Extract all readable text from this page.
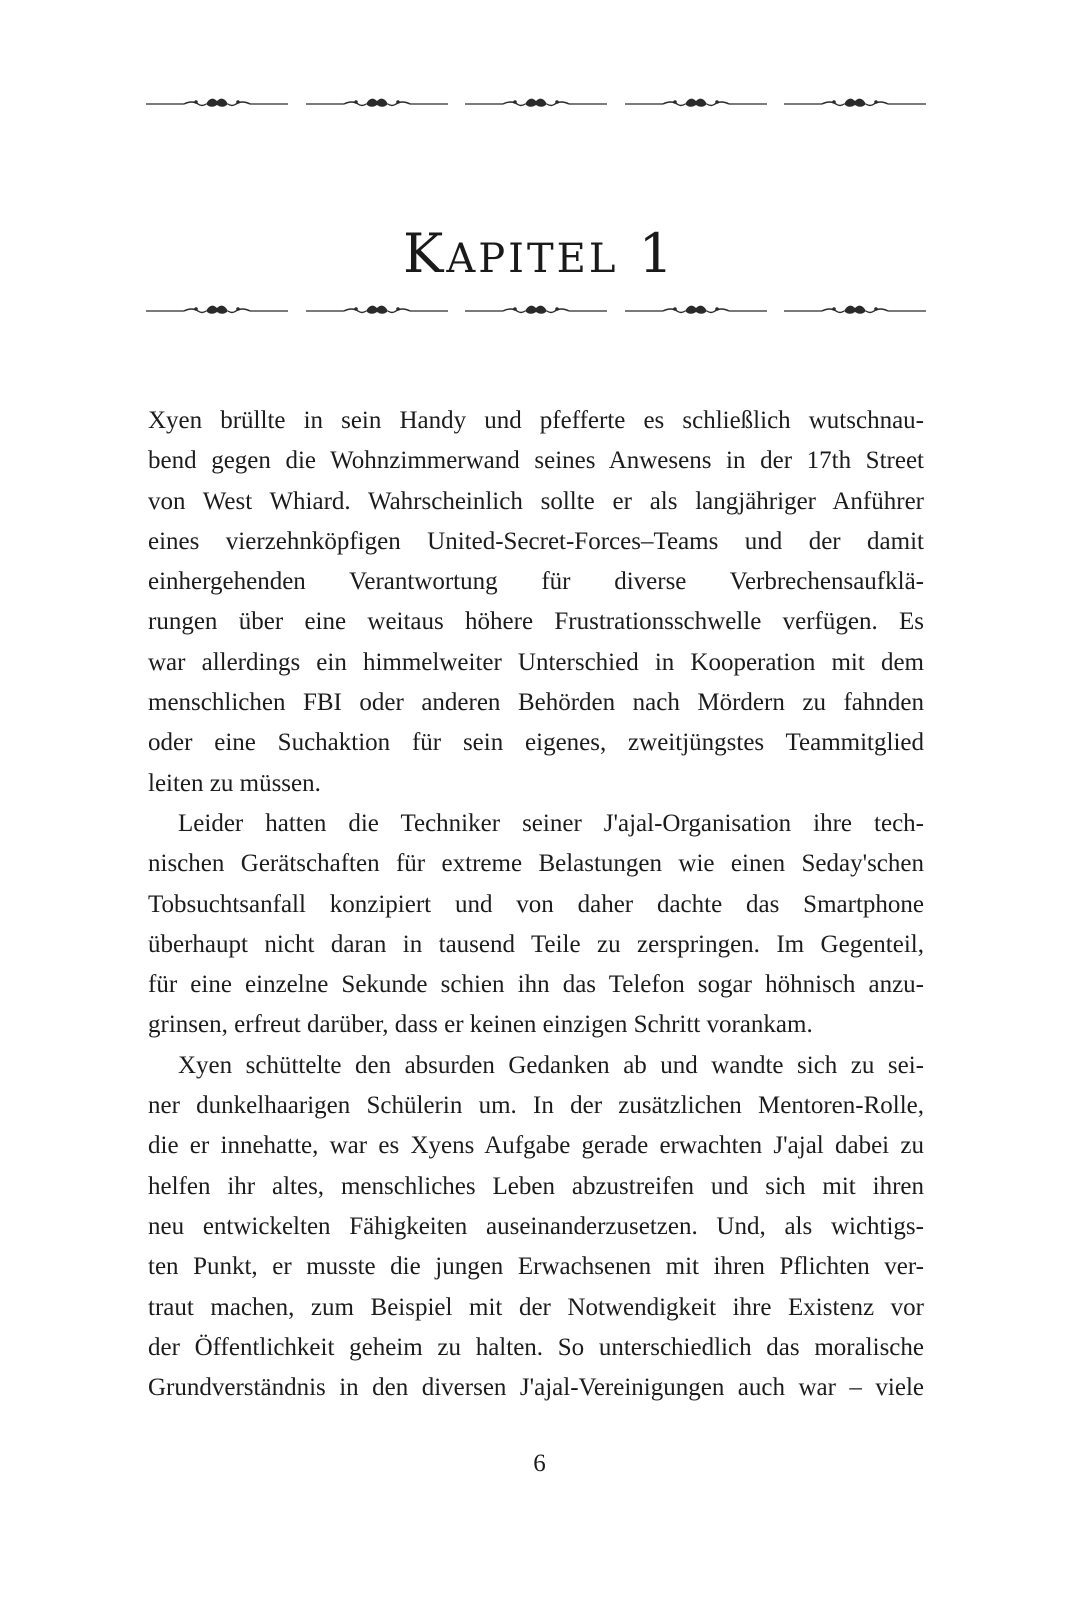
KAPITEL 1
Xyen brüllte in sein Handy und pfefferte es schließlich wutschnau-
bend gegen die Wohnzimmerwand seines Anwesens in der 17th Street
von West Whiard. Wahrscheinlich sollte er als langjähriger Anführer
eines vierzehnköpfigen United-Secret-Forces–Teams und der damit
einhergehenden Verantwortung für diverse Verbrechensaufklä-
rungen über eine weitaus höhere Frustrationsschwelle verfügen. Es
war allerdings ein himmelweiter Unterschied in Kooperation mit dem
menschlichen FBI oder anderen Behörden nach Mördern zu fahnden
oder eine Suchaktion für sein eigenes, zweitjüngstes Teammitglied
leiten zu müssen.
Leider hatten die Techniker seiner J'ajal-Organisation ihre tech-
nischen Gerätschaften für extreme Belastungen wie einen Seday'schen
Tobsuchtsanfall konzipiert und von daher dachte das Smartphone
überhaupt nicht daran in tausend Teile zu zerspringen. Im Gegenteil,
für eine einzelne Sekunde schien ihn das Telefon sogar höhnisch anzu-
grinsen, erfreut darüber, dass er keinen einzigen Schritt vorankam.
Xyen schüttelte den absurden Gedanken ab und wandte sich zu sei-
ner dunkelhaarigen Schülerin um. In der zusätzlichen Mentoren-Rolle,
die er innehatte, war es Xyens Aufgabe gerade erwachten J'ajal dabei zu
helfen ihr altes, menschliches Leben abzustreifen und sich mit ihren
neu entwickelten Fähigkeiten auseinanderzusetzen. Und, als wichtigs-
ten Punkt, er musste die jungen Erwachsenen mit ihren Pflichten ver-
traut machen, zum Beispiel mit der Notwendigkeit ihre Existenz vor
der Öffentlichkeit geheim zu halten. So unterschiedlich das moralische
Grundverständnis in den diversen J'ajal-Vereinigungen auch war – viele
6
